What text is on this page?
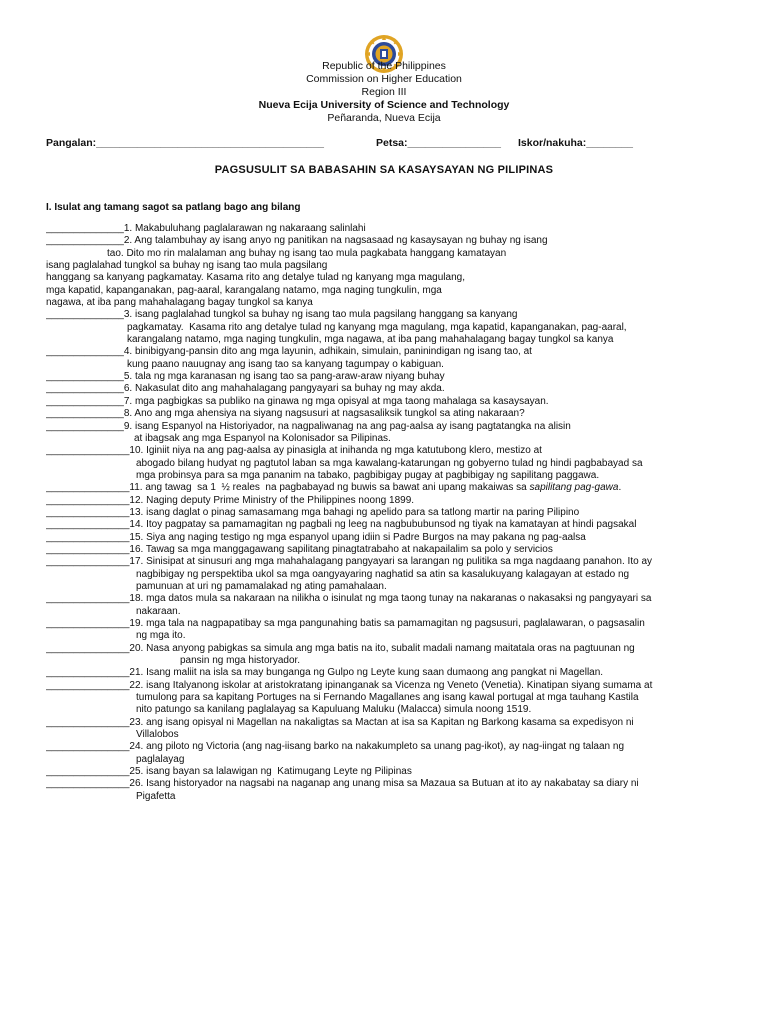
Republic of the Philippines
Commission on Higher Education
Region III
Nueva Ecija University of Science and Technology
Peñaranda, Nueva Ecija
Pangalan:_______________________________________	Petsa:________________ Iskor/nakuha:________
PAGSUSULIT SA BABASAHIN SA KASAYSAYAN NG PILIPINAS
I. Isulat ang tamang sagot sa patlang bago ang bilang
______________1. Makabuluhang paglalarawan ng nakaraang salinlahi
______________2. Ang talambuhay ay isang anyo ng panitikan na nagsasaad ng kasaysayan ng buhay ng isang
tao. Dito mo rin malalaman ang buhay ng isang tao mula pagkabata hanggang kamatayan
isang paglalahad tungkol sa buhay ng isang tao mula pagsilang
hanggang sa kanyang pagkamatay. Kasama rito ang detalye tulad ng kanyang mga magulang,
mga kapatid, kapanganakan, pag-aaral, karangalang natamo, mga naging tungkulin, mga
nagawa, at iba pang mahahalagang bagay tungkol sa kanya
______________3. isang paglalahad tungkol sa buhay ng isang tao mula pagsilang hanggang sa kanyang
pagkamatay.  Kasama rito ang detalye tulad ng kanyang mga magulang, mga kapatid, kapanganakan, pag-aaral,
karangalang natamo, mga naging tungkulin, mga nagawa, at iba pang mahahalagang bagay tungkol sa kanya
______________4. binibigyang-pansin dito ang mga layunin, adhikain, simulain, paninindigan ng isang tao, at
kung paano nauugnay ang isang tao sa kanyang tagumpay o kabiguan.
______________5. tala ng mga karanasan ng isang tao sa pang-araw-araw niyang buhay
______________6. Nakasulat dito ang mahahalagang pangyayari sa buhay ng may akda.
______________7. mga pagbigkas sa publiko na ginawa ng mga opisyal at mga taong mahalaga sa kasaysayan.
______________8. Ano ang mga ahensiya na siyang nagsusuri at nagsasaliksik tungkol sa ating nakaraan?
______________9. isang Espanyol na Historiyador, na nagpaliwanag na ang pag-aalsa ay isang pagtatangka na alisin
at ibagsak ang mga Espanyol na Kolonisador sa Pilipinas.
_______________10. Iginiit niya na ang pag-aalsa ay pinasigla at inihanda ng mga katutubong klero, mestizo at
abogado bilang hudyat ng pagtutol laban sa mga kawalang-katarungan ng gobyerno tulad ng hindi pagbabayad sa
mga probinsya para sa mga pananim na tabako, pagbibigay pugay at pagbibigay ng sapilitang paggawa.
_______________11. ang tawag  sa 1  ½ reales  na pagbabayad ng buwis sa bawat ani upang makaiwas sa sapilitang pag-gawa.
_______________12. Naging deputy Prime Ministry of the Philippines noong 1899.
_______________13. isang daglat o pinag samasamang mga bahagi ng apelido para sa tatlong martir na paring Pilipino
_______________14. Itoy pagpatay sa pamamagitan ng pagbali ng leeg na nagbububunsod ng tiyak na kamatayan at hindi pagsakal
_______________15. Siya ang naging testigo ng mga espanyol upang idiin si Padre Burgos na may pakana ng pag-aalsa
_______________16. Tawag sa mga manggagawang sapilitang pinagtatrabaho at nakapailalim sa polo y servicios
_______________17. Sinisipat at sinusuri ang mga mahahalagang pangyayari sa larangan ng pulitika sa mga nagdaang panahon. Ito ay
nagbibigay ng perspektiba ukol sa mga oangyayaring naghatid sa atin sa kasalukuyang kalagayan at estado ng
pamunuan at uri ng pamamalakad ng ating pamahalaan.
_______________18. mga datos mula sa nakaraan na nilikha o isinulat ng mga taong tunay na nakaranas o nakasaksi ng pangyayari sa
nakaraan.
_______________19. mga tala na nagpapatibay sa mga pangunahing batis sa pamamagitan ng pagsusuri, paglalawaran, o pagsasalin
ng mga ito.
_______________20. Nasa anyong pabigkas sa simula ang mga batis na ito, subalit madali namang maitatala oras na pagtuunan ng
pansin ng mga historyador.
_______________21. Isang maliit na isla sa may bunganga ng Gulpo ng Leyte kung saan dumaong ang pangkat ni Magellan.
_______________22. isang Italyanong iskolar at aristokratang ipinanganak sa Vicenza ng Veneto (Venetia). Kinatipan siyang sumama at
tumulong para sa kapitang Portuges na si Fernando Magallanes ang isang kawal portugal at mga tauhang Kastila
nito patungo sa kanilang paglalayag sa Kapuluang Maluku (Malacca) simula noong 1519.
_______________23. ang isang opisyal ni Magellan na nakaligtas sa Mactan at isa sa Kapitan ng Barkong kasama sa expedisyon ni
Villalobos
_______________24. ang piloto ng Victoria (ang nag-iisang barko na nakakumpleto sa unang pag-ikot), ay nag-iingat ng talaan ng
paglalayag
_______________25. isang bayan sa lalawigan ng  Katimugang Leyte ng Pilipinas
_______________26. Isang historyador na nagsabi na naganap ang unang misa sa Mazaua sa Butuan at ito ay nakabatay sa diary ni
Pigafetta
